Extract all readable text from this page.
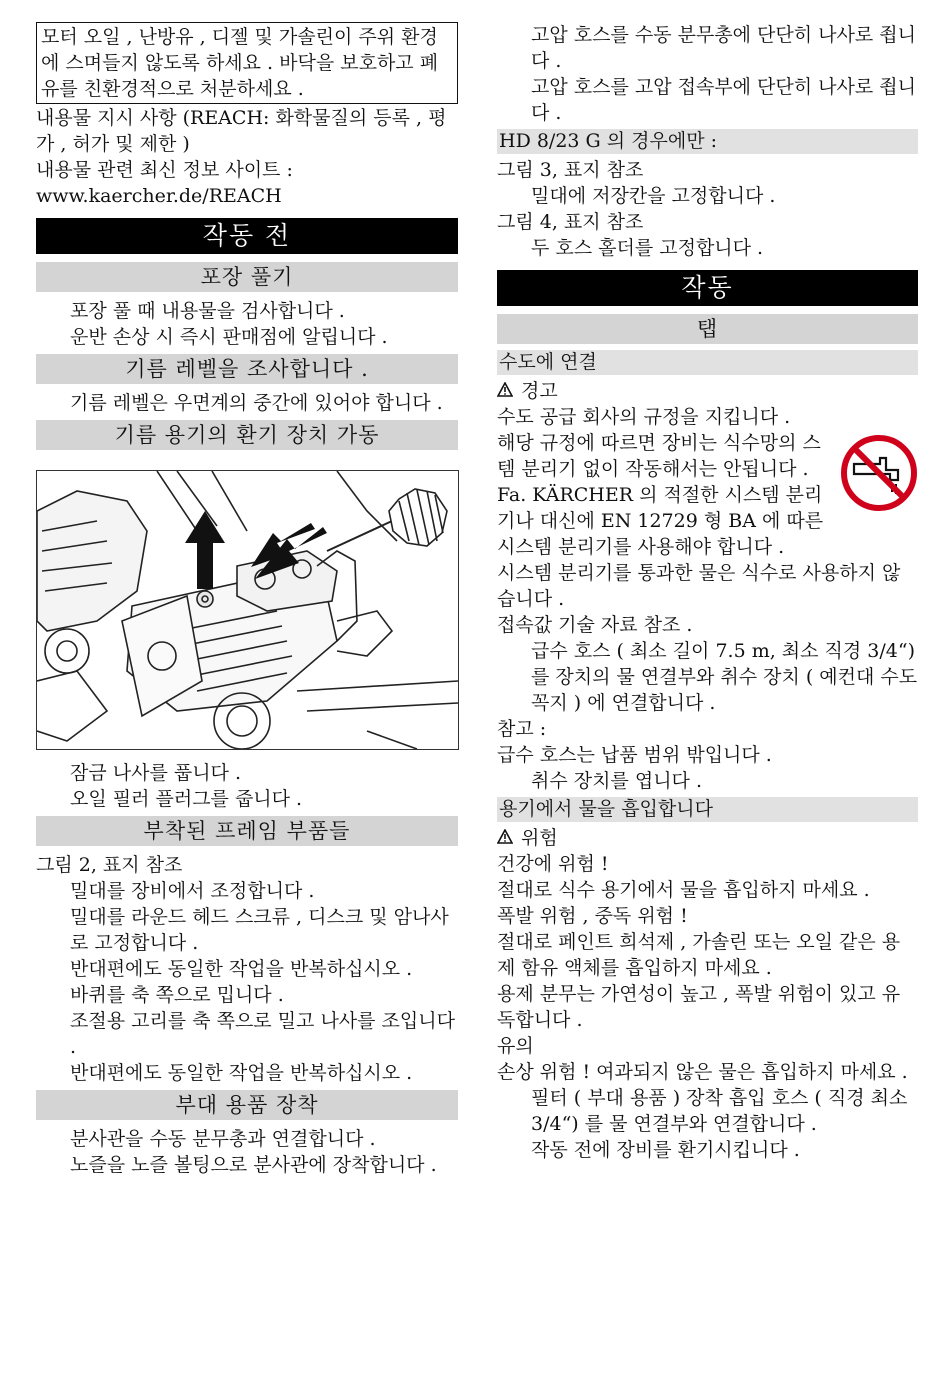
모터 오일 , 난방유 , 디젤 및 가솔린이 주위 환경에 스며들지 않도록 하세요 . 바닥을 보호하고 폐유를 친환경적으로 처분하세요 .

내용물 지시 사항 (REACH: 화학물질의 등록 , 평가 , 허가 및 제한 )

내용물 관련 최신 정보 사이트 :

www.kaercher.de/REACH

작동 전
포장 풀기

포장 풀 때 내용물을 검사합니다 .

운반 손상 시 즉시 판매점에 알립니다 .

기름 레벨을 조사합니다 .

기름 레벨은 우면계의 중간에 있어야 합니다 .

기름 용기의 환기 장치 가동

잠금 나사를 풉니다 .

오일 필러 플러그를 줍니다 .

부착된 프레임 부품들

그림 2, 표지 참조

밀대를 장비에서 조정합니다 .

밀대를 라운드 헤드 스크류 , 디스크 및 암나사로 고정합니다 .

반대편에도 동일한 작업을 반복하십시오 .

바퀴를 축 쪽으로 밉니다 .

조절용 고리를 축 쪽으로 밀고 나사를 조입니다 .

반대편에도 동일한 작업을 반복하십시오 .

부대 용품 장착

분사관을 수동 분무총과 연결합니다 .

노즐을 노즐 볼팅으로 분사관에 장착합니다 .

고압 호스를 수동 분무총에 단단히 나사로 죕니다 .

고압 호스를 고압 접속부에 단단히 나사로 죕니다 .

HD 8/23 G 의 경우에만 :

그림 3, 표지 참조

밀대에 저장칸을 고정합니다 .

그림 4, 표지 참조

두 호스 홀더를 고정합니다 .

작동
탭
수도에 연결

경고

수도 공급 회사의 규정을 지킵니다 .

해당 규정에 따르면 장비는 식수망의 스템 분리기 없이 작동해서는 안됩니다 . Fa. KÄRCHER 의 적절한 시스템 분리기나 대신에 EN 12729 형 BA 에 따른 시스템 분리기를 사용해야 합니다 .

시스템 분리기를 통과한 물은 식수로 사용하지 않습니다 .

접속값 기술 자료 참조 .

급수 호스 ( 최소 길이 7.5 m, 최소 직경 3/4“) 를 장치의 물 연결부와 취수 장치 ( 예컨대 수도 꼭지 ) 에 연결합니다 .

참고 :

급수 호스는 납품 범위 밖입니다 .

취수 장치를 엽니다 .

용기에서 물을 흡입합니다

위험

건강에 위험 !

절대로 식수 용기에서 물을 흡입하지 마세요 .

폭발 위험 , 중독 위험 !

절대로 페인트 희석제 , 가솔린 또는 오일 같은 용제 함유 액체를 흡입하지 마세요 .

용제 분무는 가연성이 높고 , 폭발 위험이 있고 유독합니다 .

유의

손상 위험 ! 여과되지 않은 물은 흡입하지 마세요 .

필터 ( 부대 용품 ) 장착 흡입 호스 ( 직경 최소 3/4“) 를 물 연결부와 연결합니다 .

작동 전에 장비를 환기시킵니다 .
